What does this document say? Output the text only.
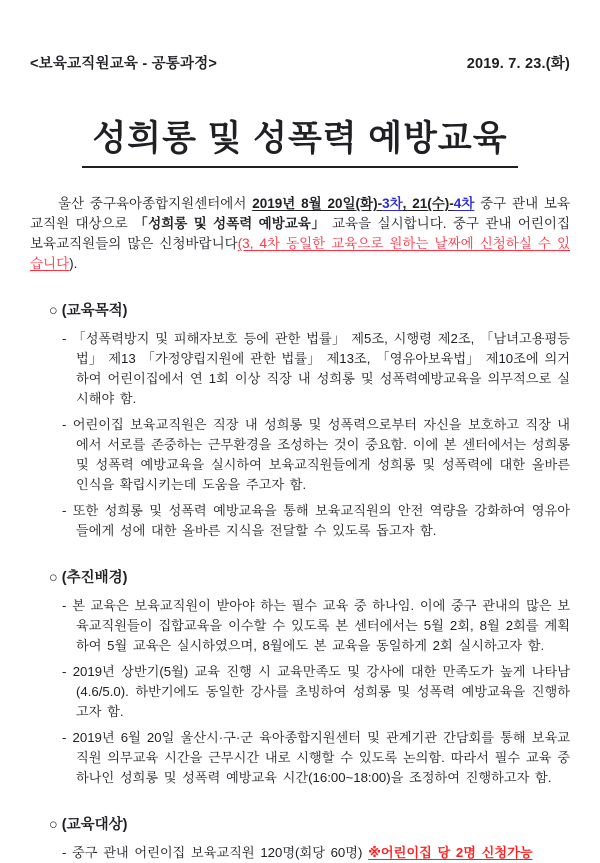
<보육교직원교육 - 공통과정>	2019. 7. 23.(화)
성희롱 및 성폭력 예방교육

울산 중구육아종합지원센터에서 2019년 8월 20일(화)-3차, 21(수)-4차 중구 관내 보육교직원 대상으로 「성희롱 및 성폭력 예방교육」 교육을 실시합니다. 중구 관내 어린이집 보육교직원들의 많은 신청바랍니다(3, 4차 동일한 교육으로 원하는 날짜에 신청하실 수 있습니다).

○ (교육목적)

- 「성폭력방지 및 피해자보호 등에 관한 법률」 제5조, 시행령 제2조, 「남녀고용평등법」 제13 「가정양립지원에 관한 법률」 제13조, 「영유아보육법」 제10조에 의거하여 어린이집에서 연 1회 이상 직장 내 성희롱 및 성폭력예방교육을 의무적으로 실시해야 함.

- 어린이집 보육교직원은 직장 내 성희롱 및 성폭력으로부터 자신을 보호하고 직장 내에서 서로를 존중하는 근무환경을 조성하는 것이 중요함. 이에 본 센터에서는 성희롱 및 성폭력 예방교육을 실시하여 보육교직원들에게 성희롱 및 성폭력에 대한 올바른 인식을 확립시키는데 도움을 주고자 함.

- 또한 성희롱 및 성폭력 예방교육을 통해 보육교직원의 안전 역량을 강화하여 영유아들에게 성에 대한 올바른 지식을 전달할 수 있도록 돕고자 함.

○ (추진배경)

- 본 교육은 보육교직원이 받아야 하는 필수 교육 중 하나임. 이에 중구 관내의 많은 보육교직원들이 집합교육을 이수할 수 있도록 본 센터에서는 5월 2회, 8월 2회를 계획하여 5월 교육은 실시하였으며, 8월에도 본 교육을 동일하게 2회 실시하고자 함.

- 2019년 상반기(5월) 교육 진행 시 교육만족도 및 강사에 대한 만족도가 높게 나타남 (4.6/5.0). 하반기에도 동일한 강사를 초빙하여 성희롱 및 성폭력 예방교육을 진행하고자 함.

- 2019년 6월 20일 울산시·구·군 육아종합지원센터 및 관계기관 간담회를 통해 보육교직원 의무교육 시간을 근무시간 내로 시행할 수 있도록 논의함. 따라서 필수 교육 중 하나인 성희롱 및 성폭력 예방교육 시간(16:00~18:00)을 조정하여 진행하고자 함.

○ (교육대상)

- 중구 관내 어린이집 보육교직원 120명(회당 60명) ※어린이집 당 2명 신청가능
